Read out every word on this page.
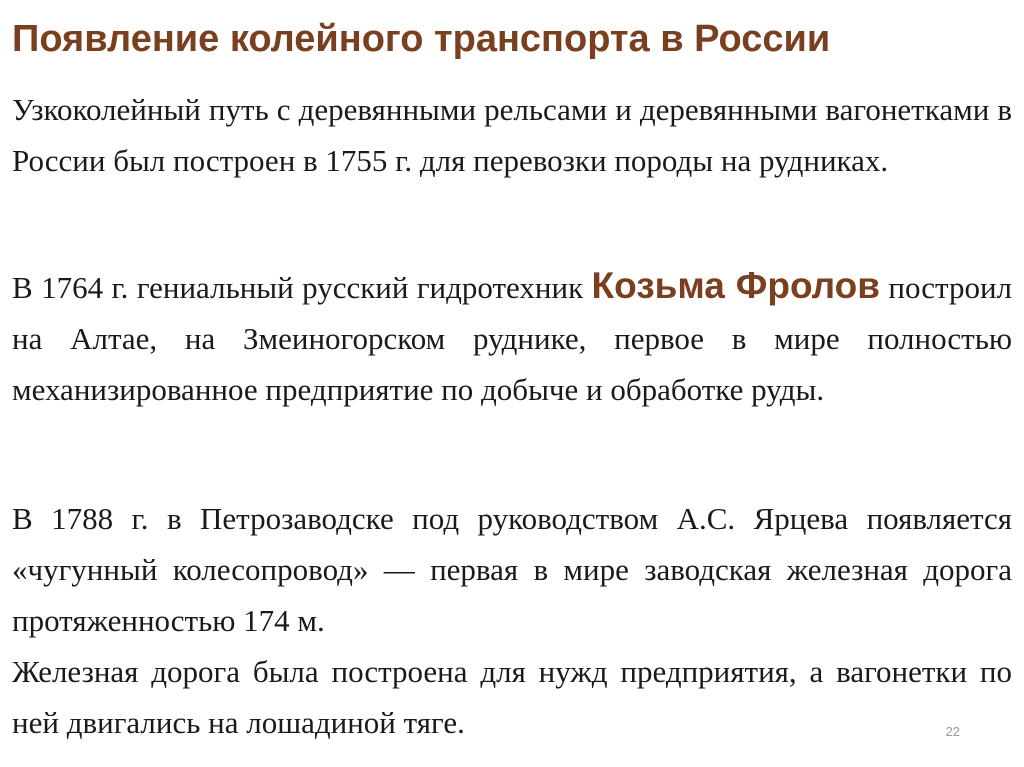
Появление колейного транспорта в России

Узкоколейный путь с деревянными рельсами и деревянными вагонетками в России был построен в 1755 г. для перевозки породы на рудниках.

В 1764 г. гениальный русский гидротехник Козьма Фролов построил на Алтае, на Змеиногорском руднике, первое в мире полностью механизированное предприятие по добыче и обработке руды.

В 1788 г. в Петрозаводске под руководством А.С. Ярцева появляется «чугунный колесопровод» — первая в мире заводская железная дорога протяженностью 174 м.

Железная дорога была построена для нужд предприятия, а вагонетки по ней двигались на лошадиной тяге.	22
